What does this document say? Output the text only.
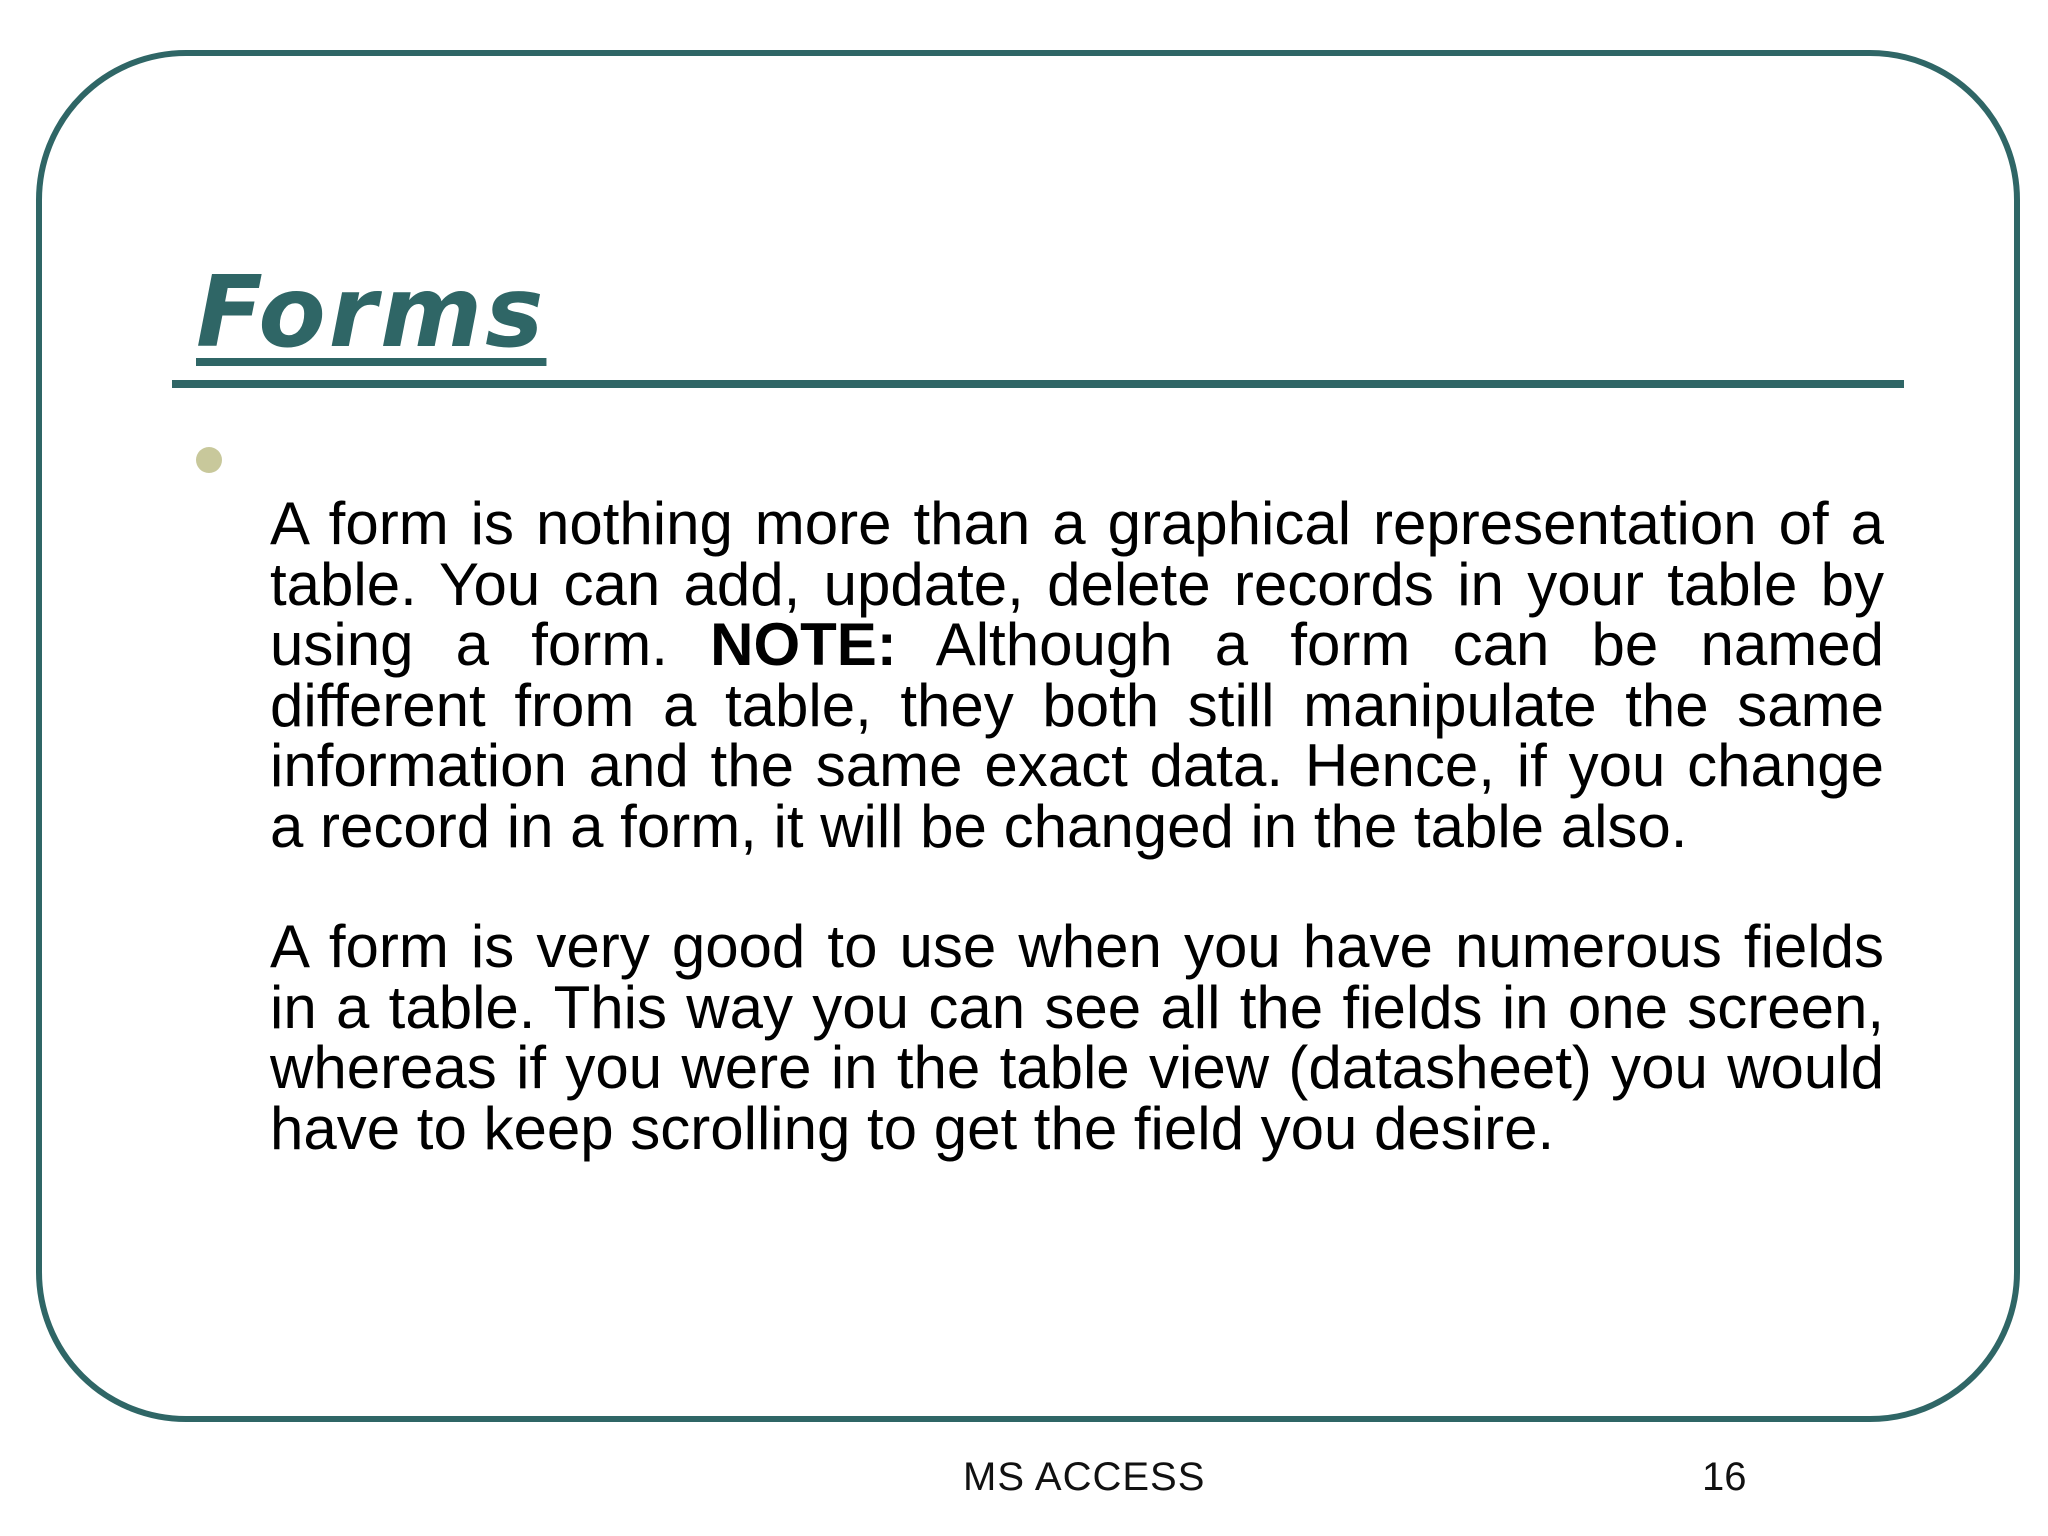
Forms

A form is nothing more than a graphical representation of a table. You can add, update, delete records in your table by using a form. NOTE: Although a form can be named different from a table, they both still manipulate the same information and the same exact data. Hence, if you change a record in a form, it will be changed in the table also.

A form is very good to use when you have numerous fields in a table. This way you can see all the fields in one screen, whereas if you were in the table view (datasheet) you would have to keep scrolling to get the field you desire.

MS ACCESS	16
